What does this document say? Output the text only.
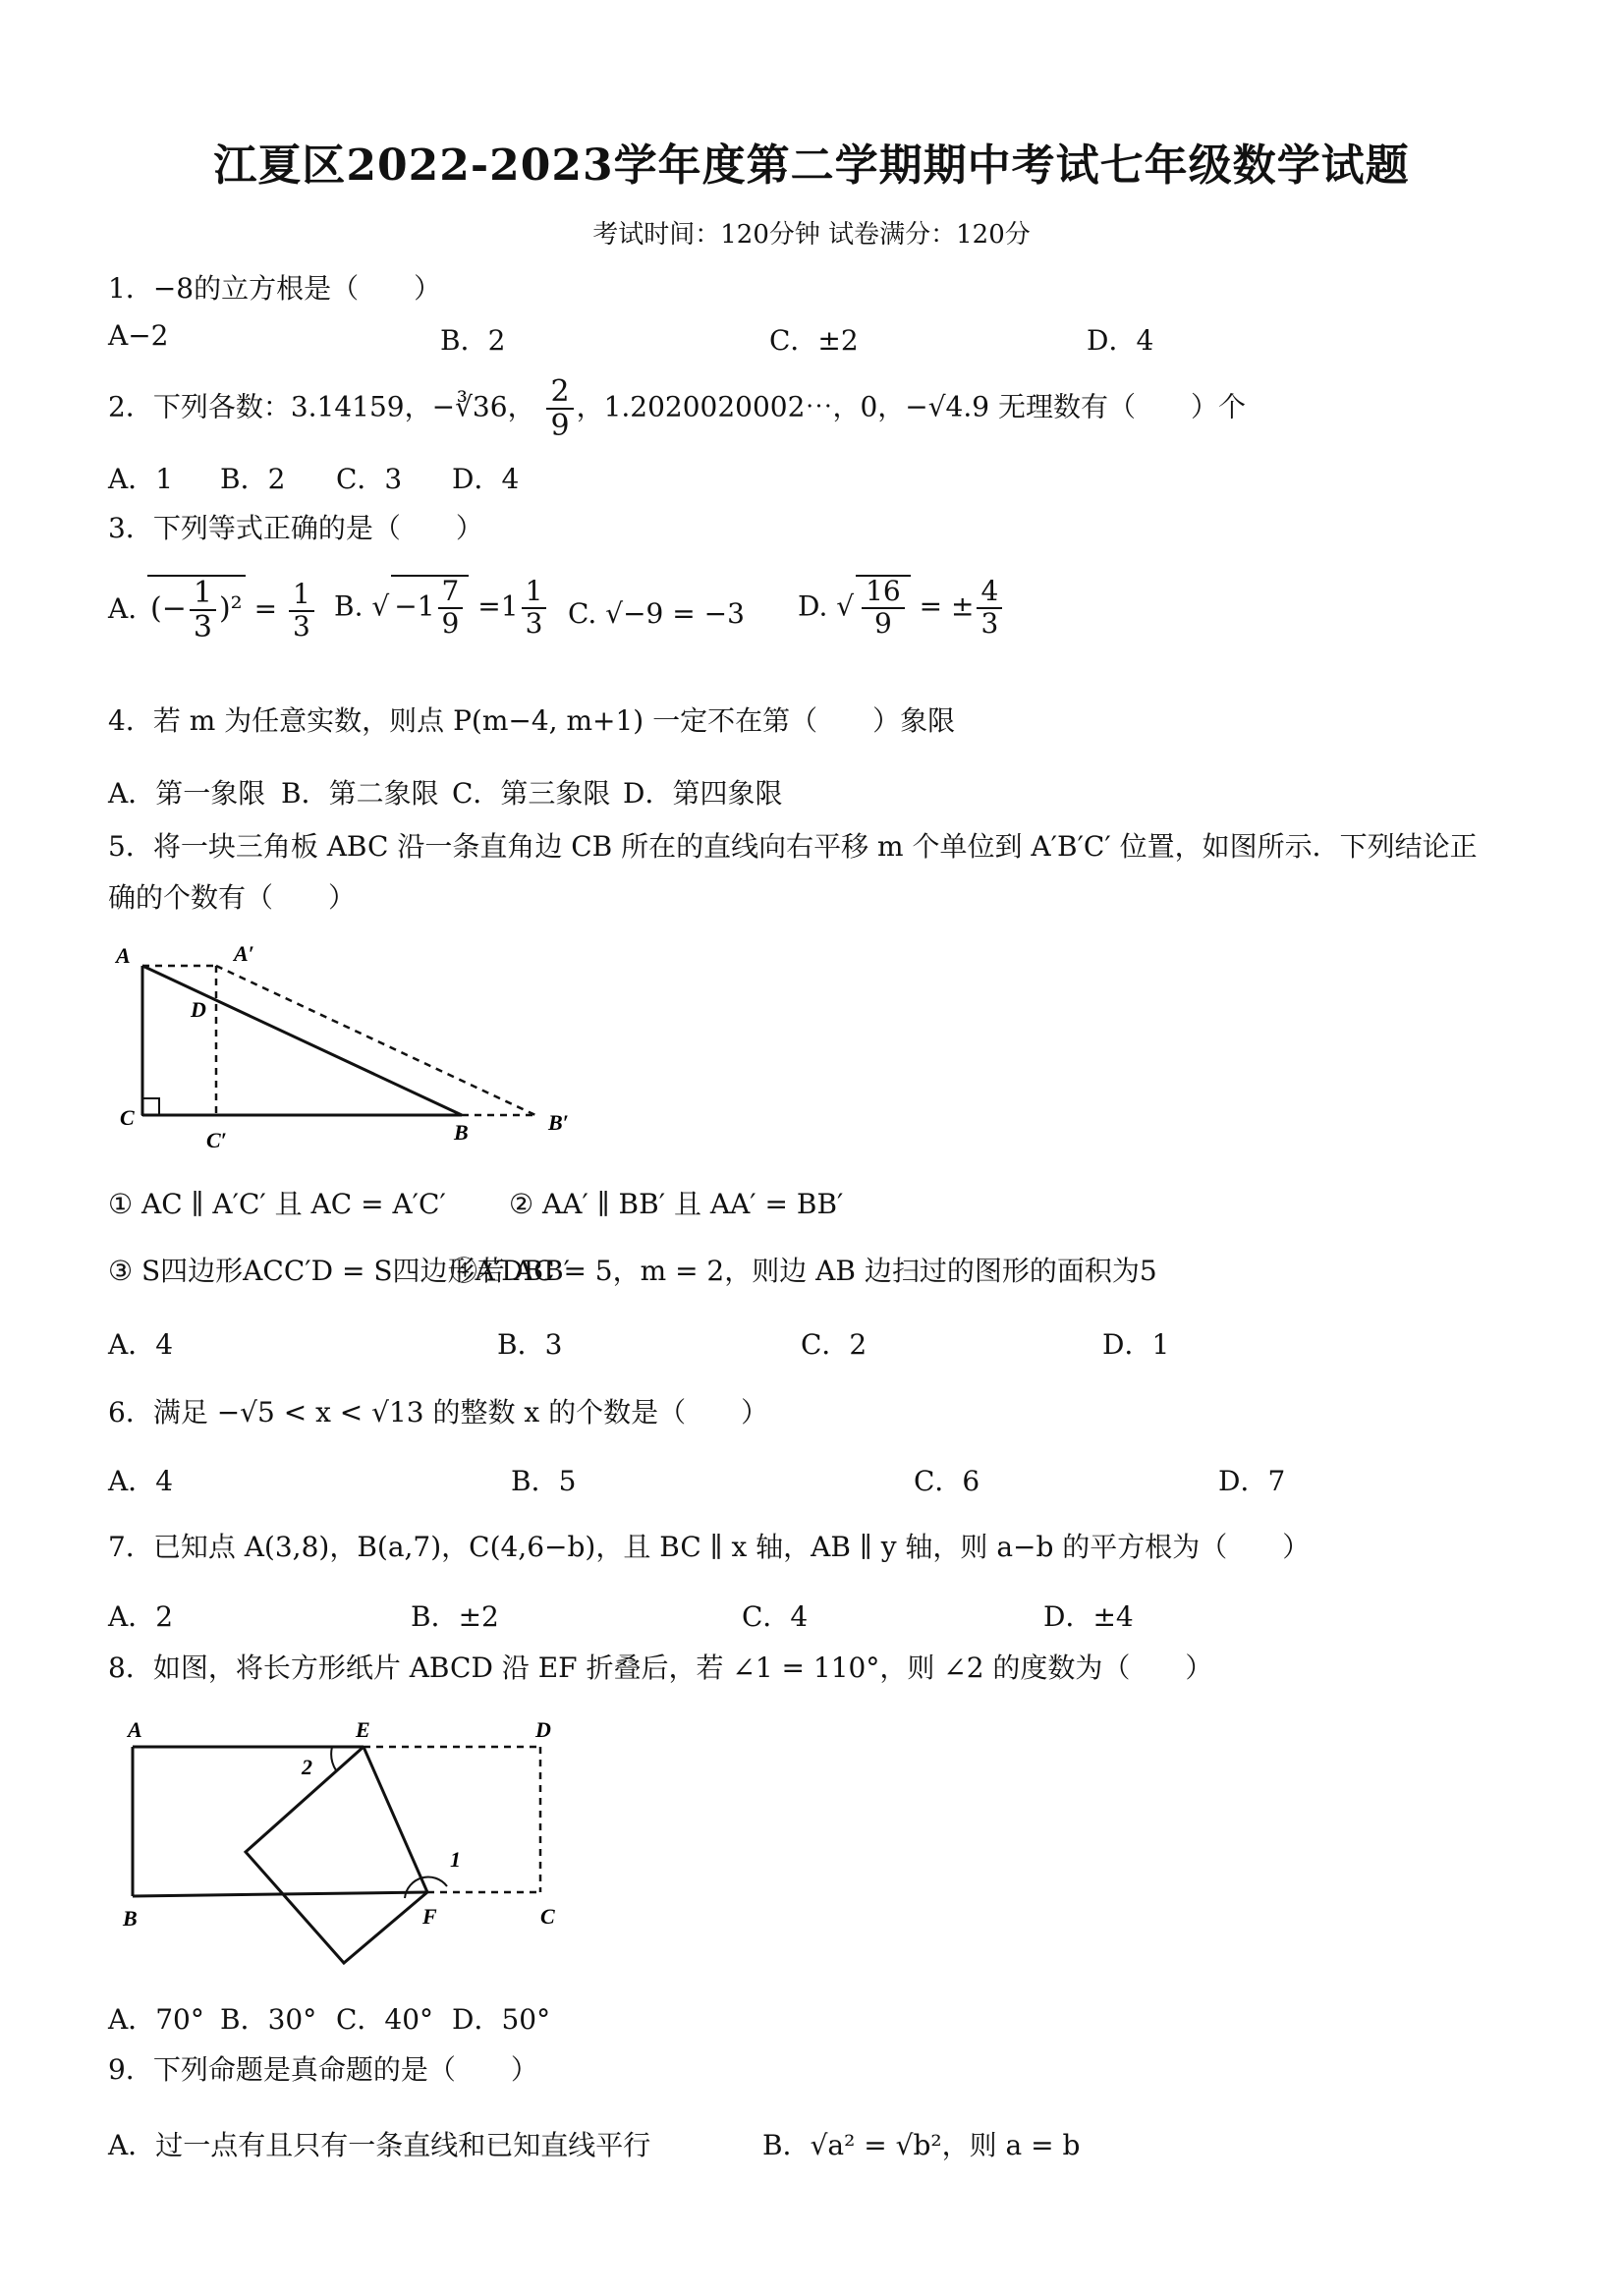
江夏区2022-2023学年度第二学期期中考试七年级数学试题
考试时间：120分钟 试卷满分：120分
1．−8的立方根是（　　）
A−2	B．2	C．±2	D．4
2．下列各数：3.14159，−∛36， $\frac{2}{9}$ ，1.2020020002⋯，0，−√4.9 无理数有（　　）个
A．1 B．2 C．3 D．4
3．下列等式正确的是（　　）
A. (− $\frac{1}{3} )^2 = \frac{1}{3} B$. √ $-1 \frac{7}{9} =1 \frac{1}{3} C$. √−9 = −3 D. √ $\frac{16}{9}$ = ± $\frac{4}{3}$
4．若 m 为任意实数，则点 P(m−4, m+1) 一定不在第（　　）象限
A．第一象限 B．第二象限 C．第三象限 D．第四象限
5．将一块三角板 ABC 沿一条直角边 CB 所在的直线向右平移 m 个单位到 A′B′C′ 位置，如图所示．下列结论正
确的个数有（　　）
A	A′
D
C
C′	B	B′
① AC ∥ A′C′ 且 AC = A′C′ ② AA′ ∥ BB′ 且 AA′ = BB′
③ S四边形ACC′D = S四边形A′DBB′
④若 AC = 5，m = 2，则边 AB 边扫过的图形的面积为5
A．4	B．3	C．2	D．1
6．满足 −√5 < x < √13 的整数 x 的个数是（　　）
A．4	B．5	C．6	D．7
7．已知点 A(3,8)，B(a,7)，C(4,6−b)，且 BC ∥ x 轴，AB ∥ y 轴，则 a−b 的平方根为（　　）
A．2	B．±2	C．4	D．±4
8．如图，将长方形纸片 ABCD 沿 EF 折叠后，若 ∠1 = 110°，则 ∠2 的度数为（　　）
A	E	D
2
1
B	F	C
A．70° B．30° C．40° D．50°
9．下列命题是真命题的是（　　）
A．过一点有且只有一条直线和已知直线平行	B．√a² = √b²，则 a = b
